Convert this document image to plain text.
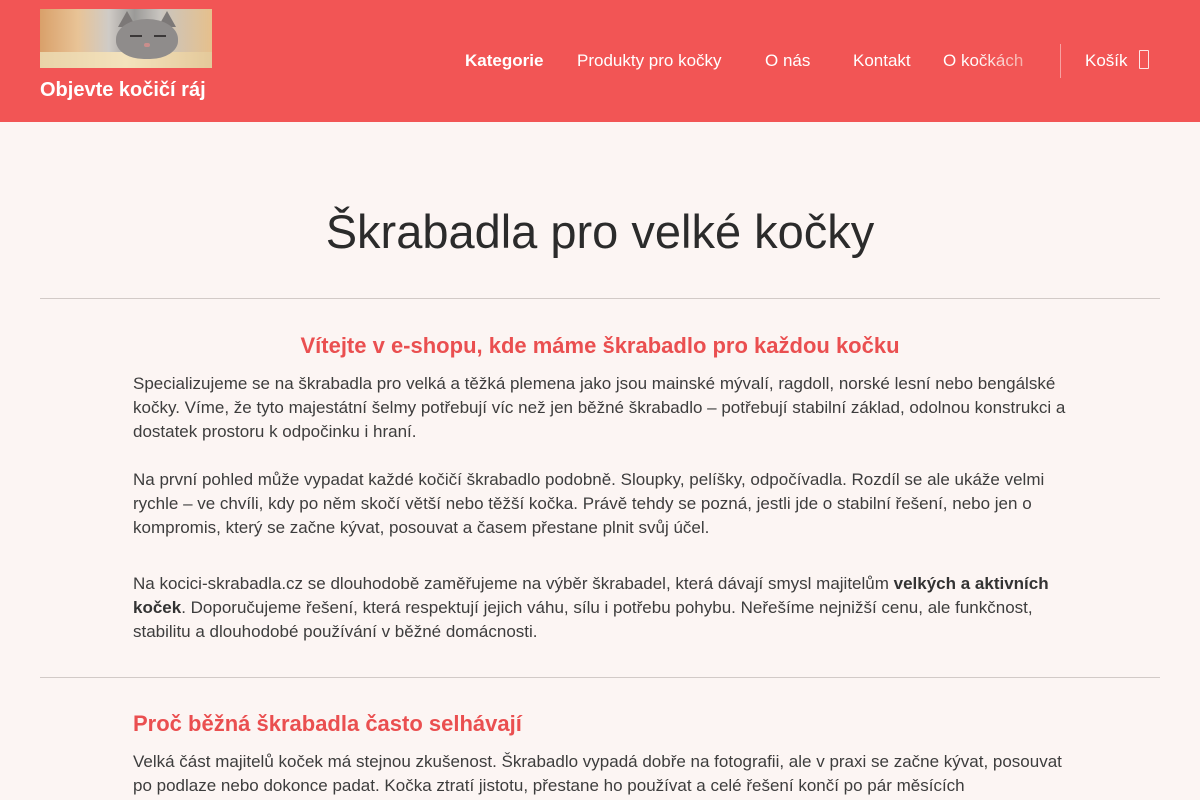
Objevte kočičí ráj
Kategorie Produkty pro kočky	O nás	Kontakt O kočkách	Košík
Škrabadla pro velké kočky
Vítejte v e-shopu, kde máme škrabadlo pro každou kočku

Specializujeme se na škrabadla pro velká a těžká plemena jako jsou mainské mývalí, ragdoll, norské lesní nebo bengálské kočky. Víme, že tyto majestátní šelmy potřebují víc než jen běžné škrabadlo – potřebují stabilní základ, odolnou konstrukci a dostatek prostoru k odpočinku i hraní.

Na první pohled může vypadat každé kočičí škrabadlo podobně. Sloupky, pelíšky, odpočívadla. Rozdíl se ale ukáže velmi rychle – ve chvíli, kdy po něm skočí větší nebo těžší kočka. Právě tehdy se pozná, jestli jde o stabilní řešení, nebo jen o kompromis, který se začne kývat, posouvat a časem přestane plnit svůj účel.

Na kocici-skrabadla.cz se dlouhodobě zaměřujeme na výběr škrabadel, která dávají smysl majitelům velkých a aktivních koček. Doporučujeme řešení, která respektují jejich váhu, sílu i potřebu pohybu. Neřešíme nejnižší cenu, ale funkčnost, stabilitu a dlouhodobé používání v běžné domácnosti.

Proč běžná škrabadla často selhávají

Velká část majitelů koček má stejnou zkušenost. Škrabadlo vypadá dobře na fotografii, ale v praxi se začne kývat, posouvat po podlaze nebo dokonce padat. Kočka ztratí jistotu, přestane ho používat a celé řešení končí po pár měsících
